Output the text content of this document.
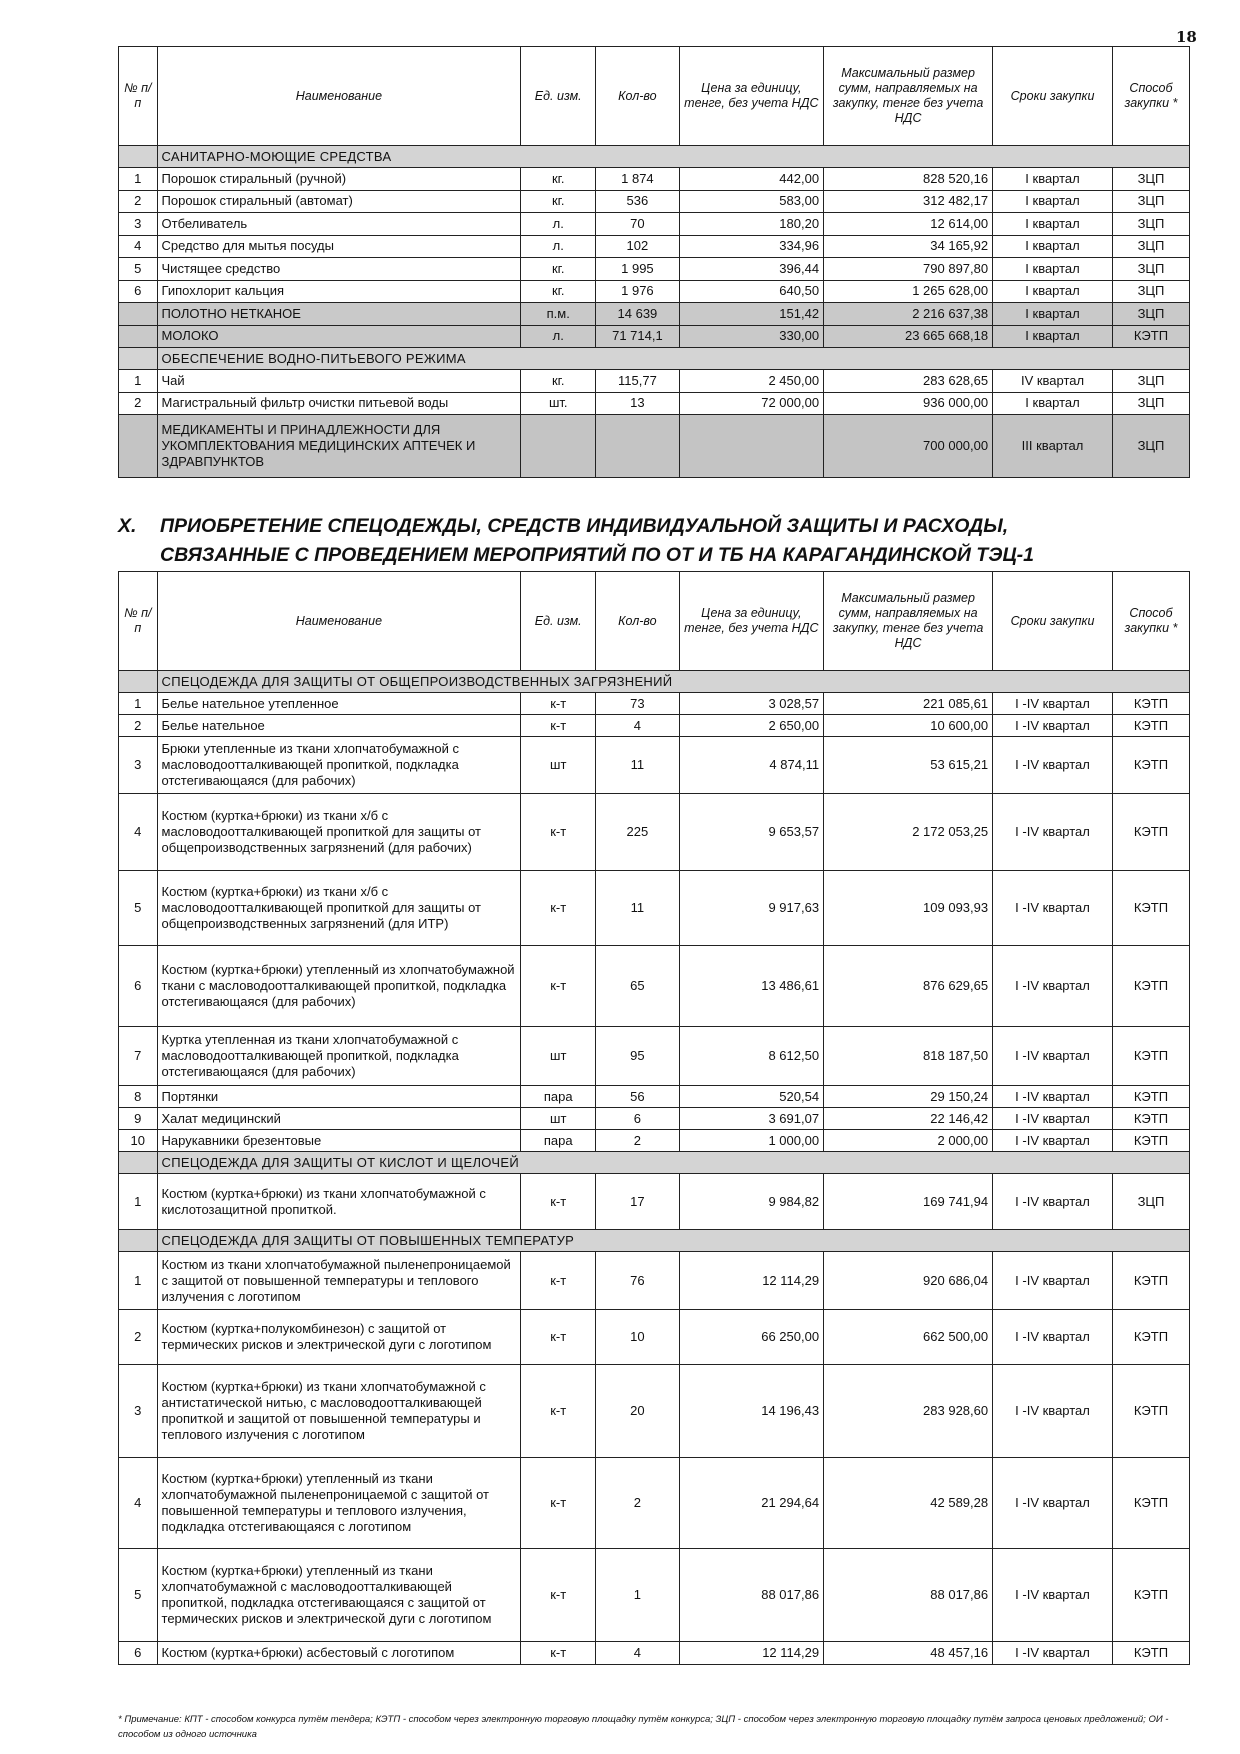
18
№ п/п	Наименование	Ед. изм.	Кол-во	Цена за единицу, тенге, без учета НДС	Максимальный размер сумм, направляемых на закупку, тенге без учета НДС	Сроки закупки	Способ закупки *
	САНИТАРНО-МОЮЩИЕ СРЕДСТВА						
1	Порошок стиральный (ручной)	кг.	1 874	442,00	828 520,16	I квартал	ЗЦП
2	Порошок стиральный (автомат)	кг.	536	583,00	312 482,17	I квартал	ЗЦП
3	Отбеливатель	л.	70	180,20	12 614,00	I квартал	ЗЦП
4	Средство для мытья посуды	л.	102	334,96	34 165,92	I квартал	ЗЦП
5	Чистящее средство	кг.	1 995	396,44	790 897,80	I квартал	ЗЦП
6	Гипохлорит кальция	кг.	1 976	640,50	1 265 628,00	I квартал	ЗЦП
	ПОЛОТНО НЕТКАНОЕ	п.м.	14 639	151,42	2 216 637,38	I квартал	ЗЦП
	МОЛОКО	л.	71 714,1	330,00	23 665 668,18	I квартал	КЭТП
	ОБЕСПЕЧЕНИЕ ВОДНО-ПИТЬЕВОГО РЕЖИМА						
1	Чай	кг.	115,77	2 450,00	283 628,65	IV квартал	ЗЦП
2	Магистральный фильтр очистки питьевой воды	шт.	13	72 000,00	936 000,00	I квартал	ЗЦП
	МЕДИКАМЕНТЫ И ПРИНАДЛЕЖНОСТИ ДЛЯ УКОМПЛЕКТОВАНИЯ МЕДИЦИНСКИХ АПТЕЧЕК И ЗДРАВПУНКТОВ				700 000,00	III квартал	ЗЦП
X. ПРИОБРЕТЕНИЕ СПЕЦОДЕЖДЫ, СРЕДСТВ ИНДИВИДУАЛЬНОЙ ЗАЩИТЫ И РАСХОДЫ,
СВЯЗАННЫЕ С ПРОВЕДЕНИЕМ МЕРОПРИЯТИЙ ПО ОТ И ТБ НА КАРАГАНДИНСКОЙ ТЭЦ-1
№ п/п	Наименование	Ед. изм.	Кол-во	Цена за единицу, тенге, без учета НДС	Максимальный размер сумм, направляемых на закупку, тенге без учета НДС	Сроки закупки	Способ закупки *
	СПЕЦОДЕЖДА ДЛЯ ЗАЩИТЫ ОТ ОБЩЕПРОИЗВОДСТВЕННЫХ ЗАГРЯЗНЕНИЙ						
1	Белье нательное утепленное	к-т	73	3 028,57	221 085,61	I -IV квартал	КЭТП
2	Белье нательное	к-т	4	2 650,00	10 600,00	I -IV квартал	КЭТП
3	Брюки утепленные из ткани хлопчатобумажной с масловодоотталкивающей пропиткой, подкладка отстегивающаяся (для рабочих)	шт	11	4 874,11	53 615,21	I -IV квартал	КЭТП
4	Костюм (куртка+брюки) из ткани х/б с масловодоотталкивающей пропиткой для защиты от общепроизводственных загрязнений (для рабочих)	к-т	225	9 653,57	2 172 053,25	I -IV квартал	КЭТП
5	Костюм (куртка+брюки) из ткани х/б с масловодоотталкивающей пропиткой для защиты от общепроизводственных загрязнений (для ИТР)	к-т	11	9 917,63	109 093,93	I -IV квартал	КЭТП
6	Костюм (куртка+брюки) утепленный из хлопчатобумажной ткани с масловодоотталкивающей пропиткой, подкладка отстегивающаяся (для рабочих)	к-т	65	13 486,61	876 629,65	I -IV квартал	КЭТП
7	Куртка утепленная из ткани хлопчатобумажной с масловодоотталкивающей пропиткой, подкладка отстегивающаяся (для рабочих)	шт	95	8 612,50	818 187,50	I -IV квартал	КЭТП
8	Портянки	пара	56	520,54	29 150,24	I -IV квартал	КЭТП
9	Халат медицинский	шт	6	3 691,07	22 146,42	I -IV квартал	КЭТП
10	Нарукавники брезентовые	пара	2	1 000,00	2 000,00	I -IV квартал	КЭТП
	СПЕЦОДЕЖДА ДЛЯ ЗАЩИТЫ ОТ КИСЛОТ И ЩЕЛОЧЕЙ						
1	Костюм (куртка+брюки) из ткани хлопчатобумажной с кислотозащитной пропиткой.	к-т	17	9 984,82	169 741,94	I -IV квартал	ЗЦП
	СПЕЦОДЕЖДА ДЛЯ ЗАЩИТЫ ОТ ПОВЫШЕННЫХ ТЕМПЕРАТУР						
1	Костюм из ткани хлопчатобумажной пыленепроницаемой с защитой от повышенной температуры и теплового излучения с логотипом	к-т	76	12 114,29	920 686,04	I -IV квартал	КЭТП
2	Костюм (куртка+полукомбинезон) с защитой от термических рисков и электрической дуги с логотипом	к-т	10	66 250,00	662 500,00	I -IV квартал	КЭТП
3	Костюм (куртка+брюки) из ткани хлопчатобумажной с антистатической нитью, с масловодоотталкивающей пропиткой и защитой от повышенной температуры и теплового излучения с логотипом	к-т	20	14 196,43	283 928,60	I -IV квартал	КЭТП
4	Костюм (куртка+брюки) утепленный из ткани хлопчатобумажной пыленепроницаемой с защитой от повышенной температуры и теплового излучения, подкладка отстегивающаяся с логотипом	к-т	2	21 294,64	42 589,28	I -IV квартал	КЭТП
5	Костюм (куртка+брюки) утепленный из ткани хлопчатобумажной с масловодоотталкивающей пропиткой, подкладка отстегивающаяся с защитой от термических рисков и электрической дуги с логотипом	к-т	1	88 017,86	88 017,86	I -IV квартал	КЭТП
6	Костюм (куртка+брюки) асбестовый с логотипом	к-т	4	12 114,29	48 457,16	I -IV квартал	КЭТП
* Примечание: КПТ - способом конкурса путём тендера; КЭТП - способом через электронную торговую площадку путём конкурса; ЗЦП - способом через электронную торговую площадку путём запроса ценовых предложений; ОИ - способом из одного источника
